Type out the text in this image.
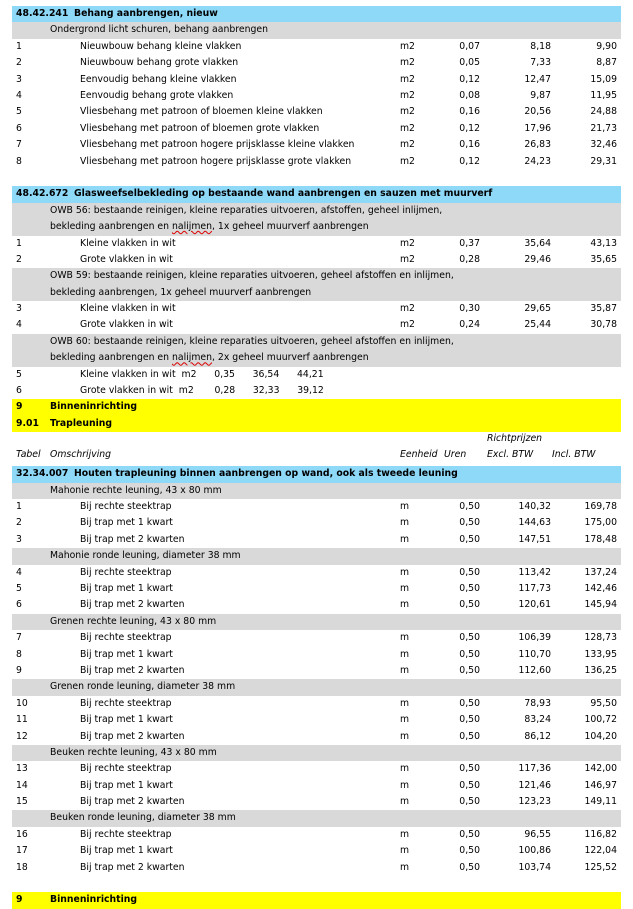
48.42.241 Behang aanbrengen, nieuw
Ondergrond licht schuren, behang aanbrengen
1	Nieuwbouw behang kleine vlakken	m2	0,07	8,18	9,90
2	Nieuwbouw behang grote vlakken	m2	0,05	7,33	8,87
3	Eenvoudig behang kleine vlakken	m2	0,12	12,47	15,09
4	Eenvoudig behang grote vlakken	m2	0,08	9,87	11,95
5	Vliesbehang met patroon of bloemen kleine vlakken	m2	0,16	20,56	24,88
6	Vliesbehang met patroon of bloemen grote vlakken	m2	0,12	17,96	21,73
7	Vliesbehang met patroon hogere prijsklasse kleine vlakken	m2	0,16	26,83	32,46
8	Vliesbehang met patroon hogere prijsklasse grote vlakken	m2	0,12	24,23	29,31
48.42.672 Glasweefselbekleding op bestaande wand aanbrengen en sauzen met muurverf
OWB 56: bestaande reinigen, kleine reparaties uitvoeren, afstoffen, geheel inlijmen,
bekleding aanbrengen en nalijmen, 1x geheel muurverf aanbrengen
1	Kleine vlakken in wit	m2	0,37	35,64	43,13
2	Grote vlakken in wit	m2	0,28	29,46	35,65
OWB 59: bestaande reinigen, kleine reparaties uitvoeren, geheel afstoffen en inlijmen,
bekleding aanbrengen, 1x geheel muurverf aanbrengen
3	Kleine vlakken in wit	m2	0,30	29,65	35,87
4	Grote vlakken in wit	m2	0,24	25,44	30,78
OWB 60: bestaande reinigen, kleine reparaties uitvoeren, geheel afstoffen en inlijmen,
bekleding aanbrengen en nalijmen, 2x geheel muurverf aanbrengen
5	Kleine vlakken in wit  m2      0,35      36,54      44,21
6	Grote vlakken in wit  m2       0,28      32,33      39,12
9	Binneninrichting
9.01 Trapleuning
Tabel Omschrijving	Eenheid Uren
Richtprijzen
Excl. BTW Incl. BTW
32.34.007 Houten trapleuning binnen aanbrengen op wand, ook als tweede leuning
Mahonie rechte leuning, 43 x 80 mm
1	Bij rechte steektrap	m	0,50	140,32	169,78
2	Bij trap met 1 kwart	m	0,50	144,63	175,00
3	Bij trap met 2 kwarten	m	0,50	147,51	178,48
Mahonie ronde leuning, diameter 38 mm
4	Bij rechte steektrap	m	0,50	113,42	137,24
5	Bij trap met 1 kwart	m	0,50	117,73	142,46
6	Bij trap met 2 kwarten	m	0,50	120,61	145,94
Grenen rechte leuning, 43 x 80 mm
7	Bij rechte steektrap	m	0,50	106,39	128,73
8	Bij trap met 1 kwart	m	0,50	110,70	133,95
9	Bij trap met 2 kwarten	m	0,50	112,60	136,25
Grenen ronde leuning, diameter 38 mm
10	Bij rechte steektrap	m	0,50	78,93	95,50
11	Bij trap met 1 kwart	m	0,50	83,24	100,72
12	Bij trap met 2 kwarten	m	0,50	86,12	104,20
Beuken rechte leuning, 43 x 80 mm
13	Bij rechte steektrap	m	0,50	117,36	142,00
14	Bij trap met 1 kwart	m	0,50	121,46	146,97
15	Bij trap met 2 kwarten	m	0,50	123,23	149,11
Beuken ronde leuning, diameter 38 mm
16	Bij rechte steektrap	m	0,50	96,55	116,82
17	Bij trap met 1 kwart	m	0,50	100,86	122,04
18	Bij trap met 2 kwarten	m	0,50	103,74	125,52
9	Binneninrichting
